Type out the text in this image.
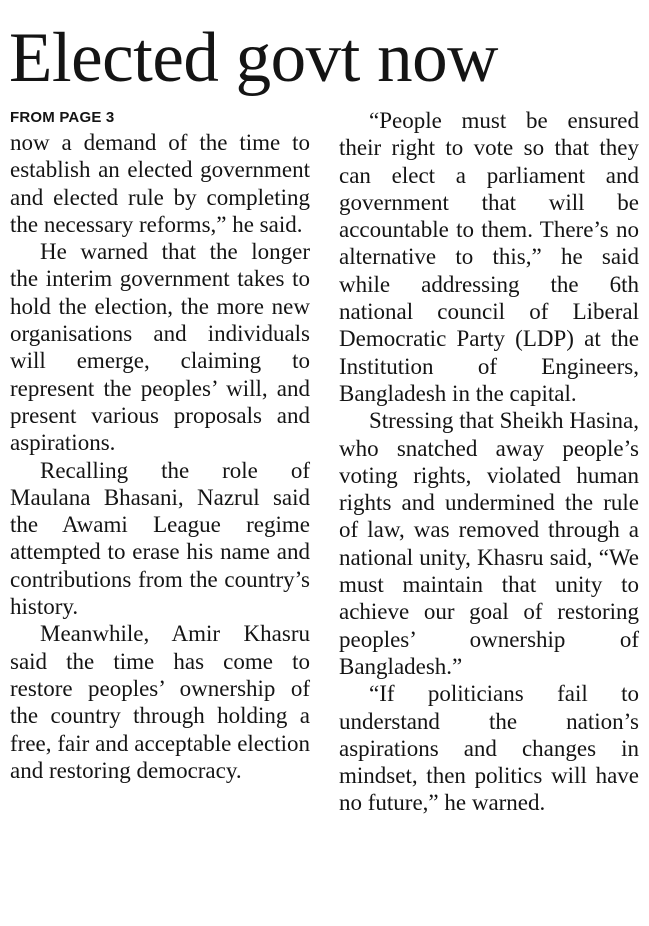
Elected govt now
FROM PAGE 3

now a demand of the time to establish an elected government and elected rule by completing the necessary reforms,” he said.

He warned that the longer the interim government takes to hold the election, the more new organisations and individuals will emerge, claiming to represent the peoples’ will, and present various proposals and aspirations.

Recalling the role of Maulana Bhasani, Nazrul said the Awami League regime attempted to erase his name and contributions from the country’s history.

Meanwhile, Amir Khasru said the time has come to restore peoples’ ownership of the country through holding a free, fair and acceptable election and restoring democracy.

“People must be ensured their right to vote so that they can elect a parliament and government that will be accountable to them. There’s no alternative to this,” he said while addressing the 6th national council of Liberal Democratic Party (LDP) at the Institution of Engineers, Bangladesh in the capital.

Stressing that Sheikh Hasina, who snatched away people’s voting rights, violated human rights and undermined the rule of law, was removed through a national unity, Khasru said, “We must maintain that unity to achieve our goal of restoring peoples’ ownership of Bangladesh.”

“If politicians fail to understand the nation’s aspirations and changes in mindset, then politics will have no future,” he warned.
